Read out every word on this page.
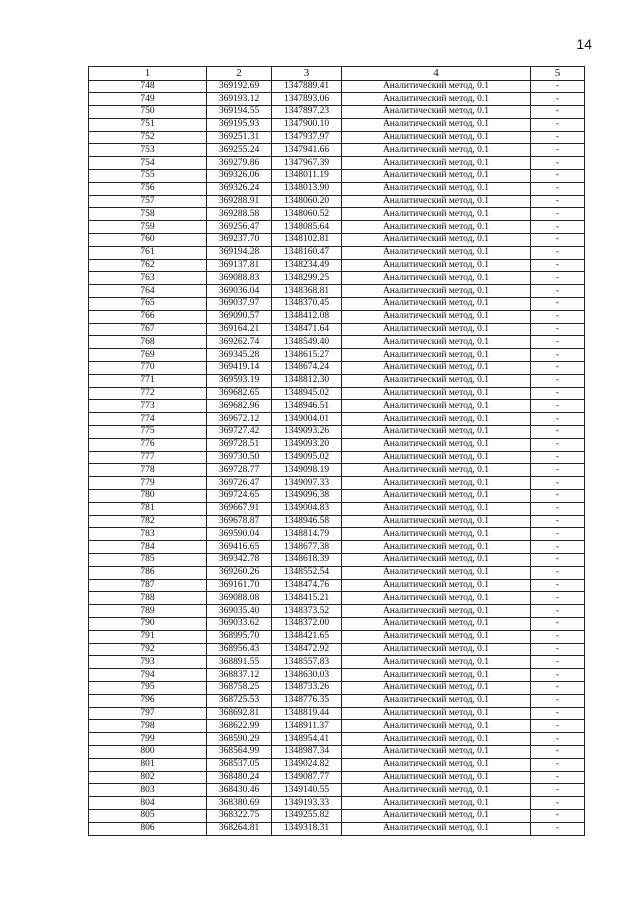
14
1	2	3	4	5
748	369192.69	1347889.41	Аналитический метод, 0.1	-
749	369193.12	1347893.06	Аналитический метод, 0.1	-
750	369194.55	1347897.23	Аналитический метод, 0.1	-
751	369195.93	1347900.10	Аналитический метод, 0.1	-
752	369251.31	1347937.97	Аналитический метод, 0.1	-
753	369255.24	1347941.66	Аналитический метод, 0.1	-
754	369279.86	1347967.39	Аналитический метод, 0.1	-
755	369326.06	1348011.19	Аналитический метод, 0.1	-
756	369326.24	1348013.90	Аналитический метод, 0.1	-
757	369288.91	1348060.20	Аналитический метод, 0.1	-
758	369288.58	1348060.52	Аналитический метод, 0.1	-
759	369256.47	1348085.64	Аналитический метод, 0.1	-
760	369237.70	1348102.81	Аналитический метод, 0.1	-
761	369194.28	1348160.47	Аналитический метод, 0.1	-
762	369137.81	1348234.49	Аналитический метод, 0.1	-
763	369088.83	1348299.25	Аналитический метод, 0.1	-
764	369036.04	1348368.81	Аналитический метод, 0.1	-
765	369037.97	1348370.45	Аналитический метод, 0.1	-
766	369090.57	1348412.08	Аналитический метод, 0.1	-
767	369164.21	1348471.64	Аналитический метод, 0.1	-
768	369262.74	1348549.40	Аналитический метод, 0.1	-
769	369345.28	1348615.27	Аналитический метод, 0.1	-
770	369419.14	1348674.24	Аналитический метод, 0.1	-
771	369593.19	1348812.30	Аналитический метод, 0.1	-
772	369682.65	1348945.02	Аналитический метод, 0.1	-
773	369682.96	1348946.51	Аналитический метод, 0.1	-
774	369672.12	1349004.01	Аналитический метод, 0.1	-
775	369727.42	1349093.26	Аналитический метод, 0.1	-
776	369728.51	1349093.20	Аналитический метод, 0.1	-
777	369730.50	1349095.02	Аналитический метод, 0.1	-
778	369728.77	1349098.19	Аналитический метод, 0.1	-
779	369726.47	1349097.33	Аналитический метод, 0.1	-
780	369724.65	1349096.38	Аналитический метод, 0.1	-
781	369667.91	1349004.83	Аналитический метод, 0.1	-
782	369678.87	1348946.58	Аналитический метод, 0.1	-
783	369590.04	1348814.79	Аналитический метод, 0.1	-
784	369416.65	1348677.38	Аналитический метод, 0.1	-
785	369342.78	1348618.39	Аналитический метод, 0.1	-
786	369260.26	1348552.54	Аналитический метод, 0.1	-
787	369161.70	1348474.76	Аналитический метод, 0.1	-
788	369088.08	1348415.21	Аналитический метод, 0.1	-
789	369035.40	1348373.52	Аналитический метод, 0.1	-
790	369033.62	1348372.00	Аналитический метод, 0.1	-
791	368995.70	1348421.65	Аналитический метод, 0.1	-
792	368956.43	1348472.92	Аналитический метод, 0.1	-
793	368891.55	1348557.83	Аналитический метод, 0.1	-
794	368837.12	1348630.03	Аналитический метод, 0.1	-
795	368758.25	1348733.26	Аналитический метод, 0.1	-
796	368725.53	1348776.35	Аналитический метод, 0.1	-
797	368692.81	1348819.44	Аналитический метод, 0.1	-
798	368622.99	1348911.37	Аналитический метод, 0.1	-
799	368590.29	1348954.41	Аналитический метод, 0.1	-
800	368564.99	1348987.34	Аналитический метод, 0.1	-
801	368537.05	1349024.82	Аналитический метод, 0.1	-
802	368480.24	1349087.77	Аналитический метод, 0.1	-
803	368430.46	1349140.55	Аналитический метод, 0.1	-
804	368380.69	1349193.33	Аналитический метод, 0.1	-
805	368322.75	1349255.82	Аналитический метод, 0.1	-
806	368264.81	1349318.31	Аналитический метод, 0.1	-
